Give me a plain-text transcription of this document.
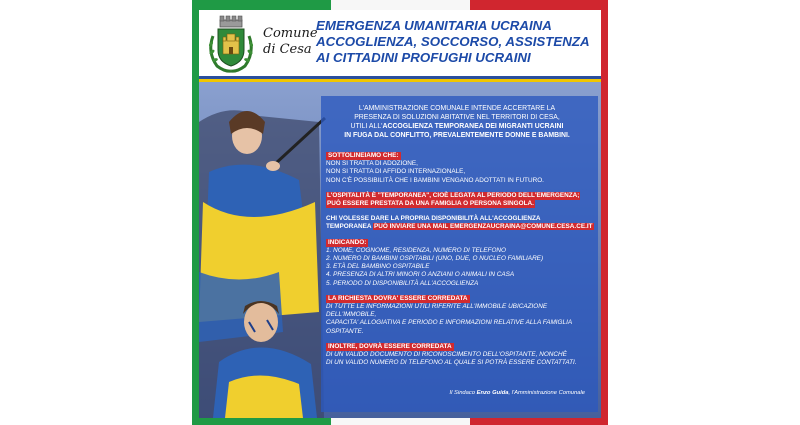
Comune
di Cesa
EMERGENZA UMANITARIA UCRAINA
ACCOGLIENZA, SOCCORSO, ASSISTENZA
AI CITTADINI PROFUGHI UCRAINI
L'AMMINISTRAZIONE COMUNALE INTENDE ACCERTARE LA
PRESENZA DI SOLUZIONI ABITATIVE NEL TERRITORI DI CESA,
UTILI ALL'ACCOGLIENZA TEMPORANEA DEI MIGRANTI UCRAINI
IN FUGA DAL CONFLITTO, PREVALENTEMENTE DONNE E BAMBINI.
SOTTOLINEIAMO CHE:
NON SI TRATTA DI ADOZIONE,
NON SI TRATTA DI AFFIDO INTERNAZIONALE,
NON C'È POSSIBILITÀ CHE I BAMBINI VENGANO ADOTTATI IN FUTURO.
L'OSPITALITÀ È "TEMPORANEA", CIOÈ LEGATA AL PERIODO DELL'EMERGENZA; PUÒ ESSERE PRESTATA DA UNA FAMIGLIA O PERSONA SINGOLA.
CHI VOLESSE DARE LA PROPRIA DISPONIBILITÀ ALL'ACCOGLIENZA
TEMPORANEA PUÒ INVIARE UNA MAIL EMERGENZAUCRAINA@COMUNE.CESA.CE.IT
INDICANDO:
1. NOME, COGNOME, RESIDENZA, NUMERO DI TELEFONO
2. NUMERO DI BAMBINI OSPITABILI (UNO, DUE, O NUCLEO FAMILIARE)
3. ETÀ DEL BAMBINO OSPITABILE
4. PRESENZA DI ALTRI MINORI O ANZIANI O ANIMALI IN CASA
5. PERIODO DI DISPONIBILITÀ ALL'ACCOGLIENZA
LA RICHIESTA DOVRA' ESSERE CORREDATA
DI TUTTE LE INFORMAZIONI UTILI RIFERITE ALL'IMMOBILE UBICAZIONE DELL'IMMOBILE,
CAPACITA' ALLOGIATIVA E PERIODO E INFORMAZIONI RELATIVE ALLA FAMIGLIA OSPITANTE.
INOLTRE, DOVRÀ ESSERE CORREDATA
DI UN VALIDO DOCUMENTO DI RICONOSCIMENTO DELL'OSPITANTE, NONCHÈ
DI UN VALIDO NUMERO DI TELEFONO AL QUALE SI POTRÀ ESSERE CONTATTATI.
Il Sindaco Enzo Guida, l'Amministrazione Comunale
